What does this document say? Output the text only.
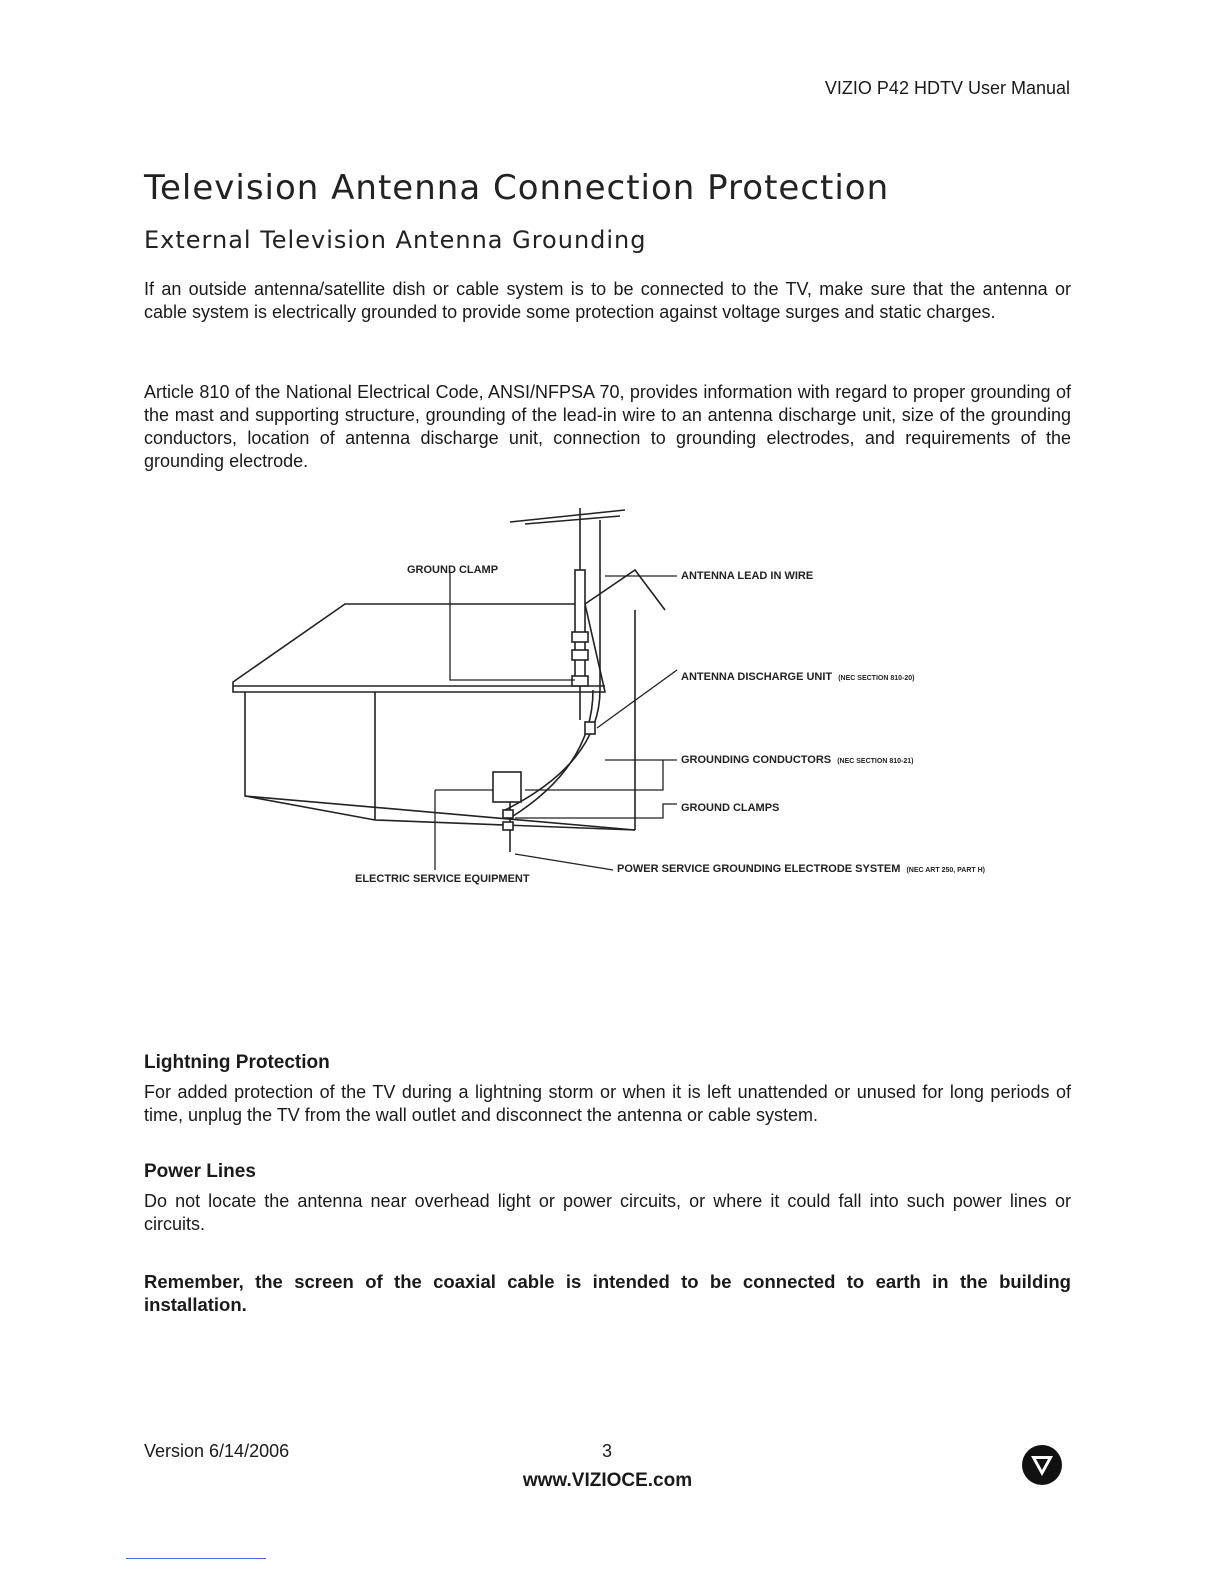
VIZIO P42 HDTV User Manual
Television Antenna Connection Protection
External Television Antenna Grounding

If an outside antenna/satellite dish or cable system is to be connected to the TV, make sure that the antenna or cable system is electrically grounded to provide some protection against voltage surges and static charges.

Article 810 of the National Electrical Code, ANSI/NFPSA 70, provides information with regard to proper grounding of the mast and supporting structure, grounding of the lead-in wire to an antenna discharge unit, size of the grounding conductors, location of antenna discharge unit, connection to grounding electrodes, and requirements of the grounding electrode.

GROUND CLAMP	ANTENNA LEAD IN WIRE
ANTENNA DISCHARGE UNIT (NEC SECTION 810-20)
GROUNDING CONDUCTORS (NEC SECTION 810-21)
GROUND CLAMPS
ELECTRIC SERVICE EQUIPMENT
POWER SERVICE GROUNDING ELECTRODE SYSTEM (NEC ART 250, PART H)
Lightning Protection

For added protection of the TV during a lightning storm or when it is left unattended or unused for long periods of time, unplug the TV from the wall outlet and disconnect the antenna or cable system.

Power Lines

Do not locate the antenna near overhead light or power circuits, or where it could fall into such power lines or circuits.

Remember, the screen of the coaxial cable is intended to be connected to earth in the building installation.

Version 6/14/2006	3
www.VIZIOCE.com
